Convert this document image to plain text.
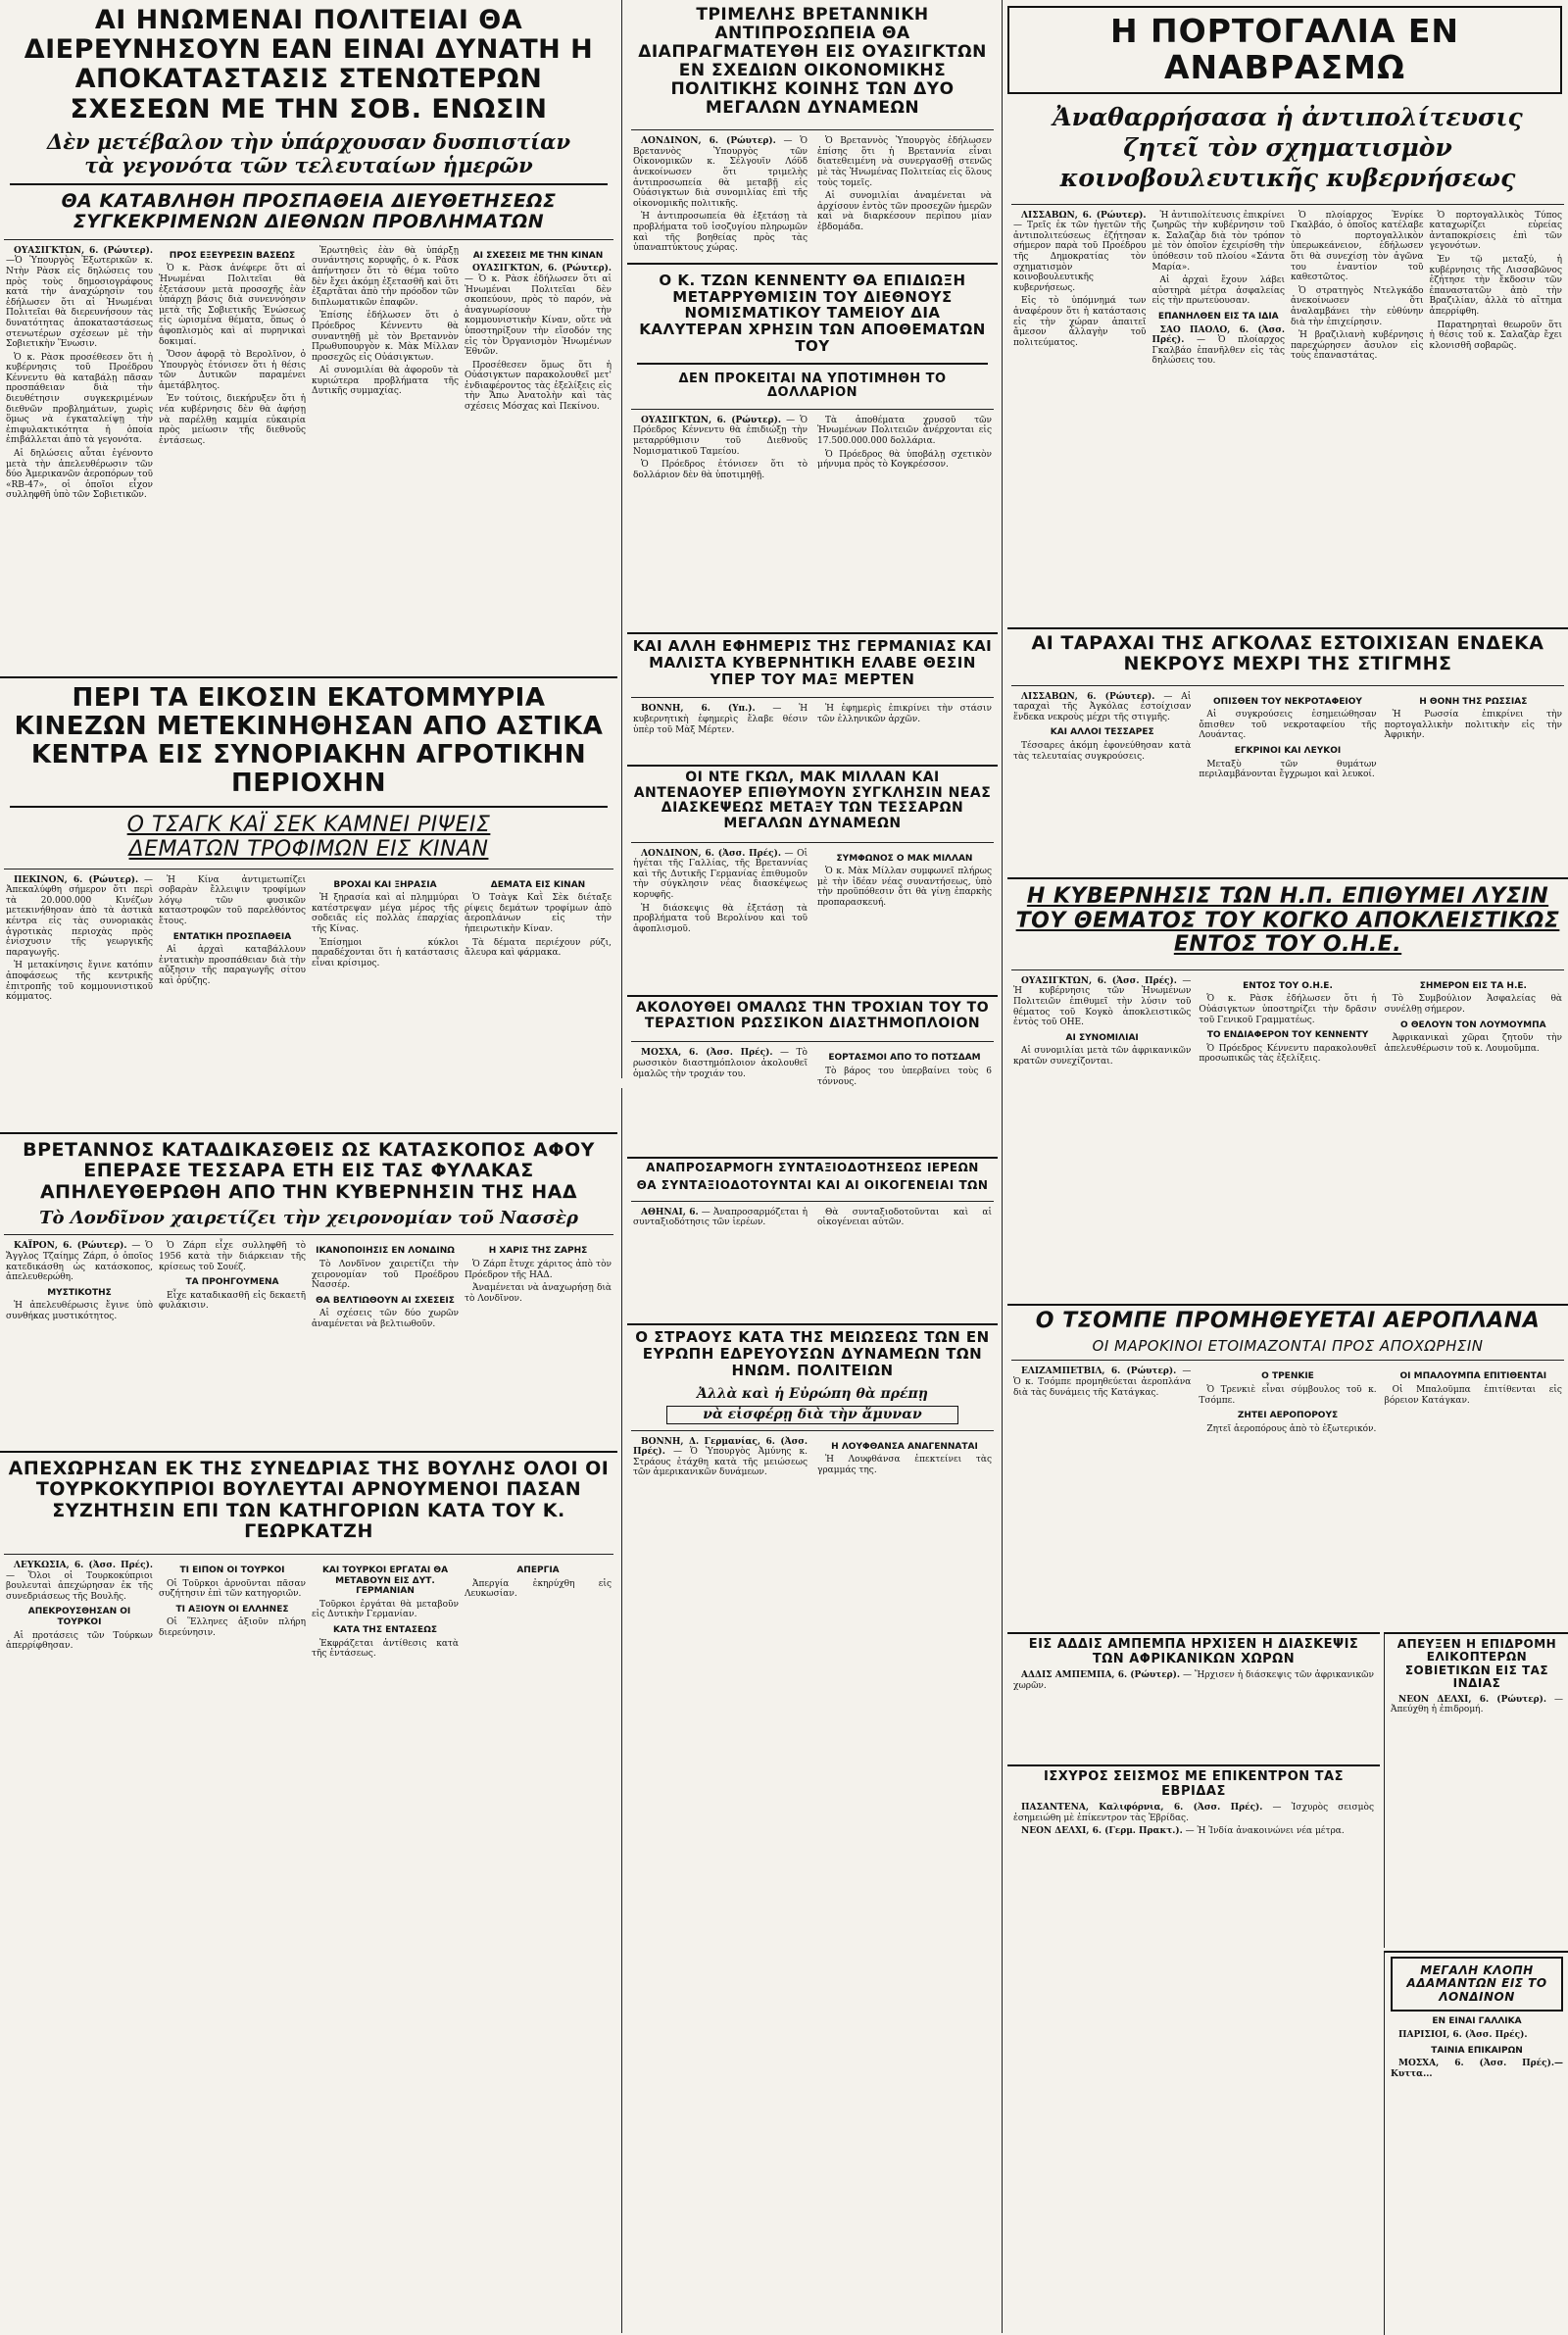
ΑΙ ΗΝΩΜΕΝΑΙ ΠΟΛΙΤΕΙΑΙ ΘΑ ΔΙΕΡΕΥΝΗΣΟΥΝ ΕΑΝ ΕΙΝΑΙ ΔΥΝΑΤΗ Η ΑΠΟΚΑΤΑΣΤΑΣΙΣ ΣΤΕΝΩΤΕΡΩΝ ΣΧΕΣΕΩΝ ΜΕ ΤΗΝ ΣΟΒ. ΕΝΩΣΙΝ
Δὲν μετέβαλον τὴν ὑπάρχουσαν δυσπιστίαν τὰ γεγονότα τῶν τελευταίων ἡμερῶν
ΘΑ ΚΑΤΑΒΛΗΘΗ ΠΡΟΣΠΑΘΕΙΑ ΔΙΕΥΘΕΤΗΣΕΩΣ ΣΥΓΚΕΚΡΙΜΕΝΩΝ ΔΙΕΘΝΩΝ ΠΡΟΒΛΗΜΑΤΩΝ

ΟΥΑΣΙΓΚΤΩΝ, 6. (Ρώυτερ). —Ὁ Ὑπουργὸς Ἐξωτερικῶν κ. Ντὴν Ρὰσκ εἰς δηλώσεις του πρὸς τοὺς δημοσιογράφους κατὰ τὴν ἀναχώρησίν του ἐδήλωσεν ὅτι αἱ Ἡνωμέναι Πολιτεῖαι θὰ διερευνήσουν τὰς δυνατότητας ἀποκαταστάσεως στενωτέρων σχέσεων μὲ τὴν Σοβιετικὴν Ἕνωσιν.

Ὁ κ. Ρὰσκ προσέθεσεν ὅτι ἡ κυβέρνησις τοῦ Προέδρου Κέννεντυ θὰ καταβάλῃ πᾶσαν προσπάθειαν διὰ τὴν διευθέτησιν συγκεκριμένων διεθνῶν προβλημάτων, χωρὶς ὅμως νὰ ἐγκαταλείψῃ τὴν ἐπιφυλακτικότητα ἡ ὁποία ἐπιβάλλεται ἀπὸ τὰ γεγονότα.

Αἱ δηλώσεις αὗται ἐγένοντο μετὰ τὴν ἀπελευθέρωσιν τῶν δύο Ἀμερικανῶν ἀεροπόρων τοῦ «RB-47», οἱ ὁποῖοι εἶχον συλληφθῆ ὑπὸ τῶν Σοβιετικῶν.

ΠΡΟΣ ΕΞΕΥΡΕΣΙΝ ΒΑΣΕΩΣ

Ὁ κ. Ρὰσκ ἀνέφερε ὅτι αἱ Ἡνωμέναι Πολιτεῖαι θὰ ἐξετάσουν μετὰ προσοχῆς ἐὰν ὑπάρχῃ βάσις διὰ συνεννόησιν μετὰ τῆς Σοβιετικῆς Ἑνώσεως εἰς ὡρισμένα θέματα, ὅπως ὁ ἀφοπλισμὸς καὶ αἱ πυρηνικαὶ δοκιμαί.

Ὅσον ἀφορᾷ τὸ Βερολῖνον, ὁ Ὑπουργὸς ἐτόνισεν ὅτι ἡ θέσις τῶν Δυτικῶν παραμένει ἀμετάβλητος.

Ἐν τούτοις, διεκήρυξεν ὅτι ἡ νέα κυβέρνησις δὲν θὰ ἀφήσῃ νὰ παρέλθῃ καμμία εὐκαιρία πρὸς μείωσιν τῆς διεθνοῦς ἐντάσεως.

Ἐρωτηθεὶς ἐὰν θὰ ὑπάρξῃ συνάντησις κορυφῆς, ὁ κ. Ρὰσκ ἀπήντησεν ὅτι τὸ θέμα τοῦτο δὲν ἔχει ἀκόμη ἐξετασθῆ καὶ ὅτι ἐξαρτᾶται ἀπὸ τὴν πρόοδον τῶν διπλωματικῶν ἐπαφῶν.

Ἐπίσης ἐδήλωσεν ὅτι ὁ Πρόεδρος Κέννεντυ θὰ συναντηθῇ μὲ τὸν Βρεταννὸν Πρωθυπουργὸν κ. Μὰκ Μίλλαν προσεχῶς εἰς Οὐάσιγκτων.

Αἱ συνομιλίαι θὰ ἀφοροῦν τὰ κυριώτερα προβλήματα τῆς Δυτικῆς συμμαχίας.

ΑΙ ΣΧΕΣΕΙΣ ΜΕ ΤΗΝ ΚΙΝΑΝ

ΟΥΑΣΙΓΚΤΩΝ, 6. (Ρώυτερ). — Ὁ κ. Ρὰσκ ἐδήλωσεν ὅτι αἱ Ἡνωμέναι Πολιτεῖαι δὲν σκοπεύουν, πρὸς τὸ παρόν, νὰ ἀναγνωρίσουν τὴν κομμουνιστικὴν Κίναν, οὔτε νὰ ὑποστηρίξουν τὴν εἴσοδόν της εἰς τὸν Ὀργανισμὸν Ἡνωμένων Ἐθνῶν.

Προσέθεσεν ὅμως ὅτι ἡ Οὐάσιγκτων παρακολουθεῖ μετ' ἐνδιαφέροντος τὰς ἐξελίξεις εἰς τὴν Ἄπω Ἀνατολὴν καὶ τὰς σχέσεις Μόσχας καὶ Πεκίνου.

ΤΡΙΜΕΛΗΣ ΒΡΕΤΑΝΝΙΚΗ ΑΝΤΙΠΡΟΣΩΠΕΙΑ ΘΑ ΔΙΑΠΡΑΓΜΑΤΕΥΘΗ ΕΙΣ ΟΥΑΣΙΓΚΤΩΝ ΕΝ ΣΧΕΔΙΩΝ ΟΙΚΟΝΟΜΙΚΗΣ ΠΟΛΙΤΙΚΗΣ ΚΟΙΝΗΣ ΤΩΝ ΔΥΟ ΜΕΓΑΛΩΝ ΔΥΝΑΜΕΩΝ

ΛΟΝΔΙΝΟΝ, 6. (Ρώυτερ). — Ὁ Βρεταννὸς Ὑπουργὸς τῶν Οἰκονομικῶν κ. Σέλγουϊν Λόϋδ ἀνεκοίνωσεν ὅτι τριμελὴς ἀντιπροσωπεία θὰ μεταβῇ εἰς Οὐάσιγκτων διὰ συνομιλίας ἐπὶ τῆς οἰκονομικῆς πολιτικῆς.

Ἡ ἀντιπροσωπεία θὰ ἐξετάσῃ τὰ προβλήματα τοῦ ἰσοζυγίου πληρωμῶν καὶ τῆς βοηθείας πρὸς τὰς ὑπαναπτύκτους χώρας.

Ὁ Βρεταννὸς Ὑπουργὸς ἐδήλωσεν ἐπίσης ὅτι ἡ Βρεταννία εἶναι διατεθειμένη νὰ συνεργασθῇ στενῶς μὲ τὰς Ἡνωμένας Πολιτείας εἰς ὅλους τοὺς τομεῖς.

Αἱ συνομιλίαι ἀναμένεται νὰ ἀρχίσουν ἐντὸς τῶν προσεχῶν ἡμερῶν καὶ νὰ διαρκέσουν περίπου μίαν ἑβδομάδα.

Ο Κ. ΤΖΩΝ ΚΕΝΝΕΝΤΥ ΘΑ ΕΠΙΔΙΩΞΗ ΜΕΤΑΡΡΥΘΜΙΣΙΝ ΤΟΥ ΔΙΕΘΝΟΥΣ ΝΟΜΙΣΜΑΤΙΚΟΥ ΤΑΜΕΙΟΥ ΔΙΑ ΚΑΛΥΤΕΡΑΝ ΧΡΗΣΙΝ ΤΩΝ ΑΠΟΘΕΜΑΤΩΝ ΤΟΥ
ΔΕΝ ΠΡΟΚΕΙΤΑΙ ΝΑ ΥΠΟΤΙΜΗΘΗ ΤΟ ΔΟΛΛΑΡΙΟΝ

ΟΥΑΣΙΓΚΤΩΝ, 6. (Ρώυτερ). — Ὁ Πρόεδρος Κέννεντυ θὰ ἐπιδιώξῃ τὴν μεταρρύθμισιν τοῦ Διεθνοῦς Νομισματικοῦ Ταμείου.

Ὁ Πρόεδρος ἐτόνισεν ὅτι τὸ δολλάριον δὲν θὰ ὑποτιμηθῇ.

Τὰ ἀποθέματα χρυσοῦ τῶν Ἡνωμένων Πολιτειῶν ἀνέρχονται εἰς 17.500.000.000 δολλάρια.

Ὁ Πρόεδρος θὰ ὑποβάλῃ σχετικὸν μήνυμα πρὸς τὸ Κογκρέσσον.

Η ΠΟΡΤΟΓΑΛΙΑ ΕΝ ΑΝΑΒΡΑΣΜΩ
Ἀναθαρρήσασα ἡ ἀντιπολίτευσις ζητεῖ τὸν σχηματισμὸν κοινοβουλευτικῆς κυβερνήσεως

ΛΙΣΣΑΒΩΝ, 6. (Ρώυτερ). — Τρεῖς ἐκ τῶν ἡγετῶν τῆς ἀντιπολιτεύσεως ἐζήτησαν σήμερον παρὰ τοῦ Προέδρου τῆς Δημοκρατίας τὸν σχηματισμὸν κοινοβουλευτικῆς κυβερνήσεως.

Εἰς τὸ ὑπόμνημά των ἀναφέρουν ὅτι ἡ κατάστασις εἰς τὴν χώραν ἀπαιτεῖ ἄμεσον ἀλλαγὴν τοῦ πολιτεύματος.

Ἡ ἀντιπολίτευσις ἐπικρίνει ζωηρῶς τὴν κυβέρνησιν τοῦ κ. Σαλαζὰρ διὰ τὸν τρόπον μὲ τὸν ὁποῖον ἐχειρίσθη τὴν ὑπόθεσιν τοῦ πλοίου «Σάντα Μαρία».

Αἱ ἀρχαὶ ἔχουν λάβει αὐστηρὰ μέτρα ἀσφαλείας εἰς τὴν πρωτεύουσαν.

ΕΠΑΝΗΛΘΕΝ ΕΙΣ ΤΑ ΙΔΙΑ

ΣΑΟ ΠΑΟΛΟ, 6. (Ἀσσ. Πρές). — Ὁ πλοίαρχος Γκαλβάο ἐπανῆλθεν εἰς τὰς δηλώσεις του.

Ὁ πλοίαρχος Ἐνρίκε Γκαλβάο, ὁ ὁποῖος κατέλαβε τὸ πορτογαλλικὸν ὑπερωκεάνειον, ἐδήλωσεν ὅτι θὰ συνεχίσῃ τὸν ἀγῶνα του ἐναντίον τοῦ καθεστῶτος.

Ὁ στρατηγὸς Ντελγκάδο ἀνεκοίνωσεν ὅτι ἀναλαμβάνει τὴν εὐθύνην διὰ τὴν ἐπιχείρησιν.

Ἡ βραζιλιανὴ κυβέρνησις παρεχώρησεν ἄσυλον εἰς τοὺς ἐπαναστάτας.

Ὁ πορτογαλλικὸς Τύπος καταχωρίζει εὐρείας ἀνταποκρίσεις ἐπὶ τῶν γεγονότων.

Ἐν τῷ μεταξύ, ἡ κυβέρνησις τῆς Λισσαβῶνος ἐζήτησε τὴν ἔκδοσιν τῶν ἐπαναστατῶν ἀπὸ τὴν Βραζιλίαν, ἀλλὰ τὸ αἴτημα ἀπερρίφθη.

Παρατηρηταὶ θεωροῦν ὅτι ἡ θέσις τοῦ κ. Σαλαζὰρ ἔχει κλονισθῆ σοβαρῶς.

ΠΕΡΙ ΤΑ ΕΙΚΟΣΙΝ ΕΚΑΤΟΜΜΥΡΙΑ ΚΙΝΕΖΩΝ ΜΕΤΕΚΙΝΗΘΗΣΑΝ ΑΠΟ ΑΣΤΙΚΑ ΚΕΝΤΡΑ ΕΙΣ ΣΥΝΟΡΙΑΚΗΝ ΑΓΡΟΤΙΚΗΝ ΠΕΡΙΟΧΗΝ
Ο ΤΣΑΓΚ ΚΑΪ ΣΕΚ ΚΑΜΝΕΙ ΡΙΨΕΙΣ
ΔΕΜΑΤΩΝ ΤΡΟΦΙΜΩΝ ΕΙΣ ΚΙΝΑΝ

ΠΕΚΙΝΟΝ, 6. (Ρώυτερ). — Ἀπεκαλύφθη σήμερον ὅτι περὶ τὰ 20.000.000 Κινέζων μετεκινήθησαν ἀπὸ τὰ ἀστικὰ κέντρα εἰς τὰς συνοριακὰς ἀγροτικὰς περιοχὰς πρὸς ἐνίσχυσιν τῆς γεωργικῆς παραγωγῆς.

Ἡ μετακίνησις ἔγινε κατόπιν ἀποφάσεως τῆς κεντρικῆς ἐπιτροπῆς τοῦ κομμουνιστικοῦ κόμματος.

Ἡ Κίνα ἀντιμετωπίζει σοβαρὰν ἔλλειψιν τροφίμων λόγῳ τῶν φυσικῶν καταστροφῶν τοῦ παρελθόντος ἔτους.

ΕΝΤΑΤΙΚΗ ΠΡΟΣΠΑΘΕΙΑ

Αἱ ἀρχαὶ καταβάλλουν ἐντατικὴν προσπάθειαν διὰ τὴν αὔξησιν τῆς παραγωγῆς σίτου καὶ ὀρύζης.

ΒΡΟΧΑΙ ΚΑΙ ΞΗΡΑΣΙΑ

Ἡ ξηρασία καὶ αἱ πλημμύραι κατέστρεψαν μέγα μέρος τῆς σοδειᾶς εἰς πολλὰς ἐπαρχίας τῆς Κίνας.

Ἐπίσημοι κύκλοι παραδέχονται ὅτι ἡ κατάστασις εἶναι κρίσιμος.

ΔΕΜΑΤΑ ΕΙΣ ΚΙΝΑΝ

Ὁ Τσὰγκ Καῒ Σὲκ διέταξε ρίψεις δεμάτων τροφίμων ἀπὸ ἀεροπλάνων εἰς τὴν ἠπειρωτικὴν Κίναν.

Τὰ δέματα περιέχουν ρύζι, ἄλευρα καὶ φάρμακα.

ΚΑΙ ΑΛΛΗ ΕΦΗΜΕΡΙΣ ΤΗΣ ΓΕΡΜΑΝΙΑΣ ΚΑΙ ΜΑΛΙΣΤΑ ΚΥΒΕΡΝΗΤΙΚΗ ΕΛΑΒΕ ΘΕΣΙΝ ΥΠΕΡ ΤΟΥ ΜΑΞ ΜΕΡΤΕΝ

ΒΟΝΝΗ, 6. (Υπ.). — Ἡ κυβερνητικὴ ἐφημερὶς ἔλαβε θέσιν ὑπὲρ τοῦ Μὰξ Μέρτεν.

Ἡ ἐφημερὶς ἐπικρίνει τὴν στάσιν τῶν ἑλληνικῶν ἀρχῶν.

ΟΙ ΝΤΕ ΓΚΩΛ, ΜΑΚ ΜΙΛΛΑΝ ΚΑΙ ΑΝΤΕΝΑΟΥΕΡ ΕΠΙΘΥΜΟΥΝ ΣΥΓΚΛΗΣΙΝ ΝΕΑΣ ΔΙΑΣΚΕΨΕΩΣ ΜΕΤΑΞΥ ΤΩΝ ΤΕΣΣΑΡΩΝ ΜΕΓΑΛΩΝ ΔΥΝΑΜΕΩΝ

ΛΟΝΔΙΝΟΝ, 6. (Ἀσσ. Πρές). — Οἱ ἡγέται τῆς Γαλλίας, τῆς Βρεταννίας καὶ τῆς Δυτικῆς Γερμανίας ἐπιθυμοῦν τὴν σύγκλησιν νέας διασκέψεως κορυφῆς.

Ἡ διάσκεψις θὰ ἐξετάσῃ τὰ προβλήματα τοῦ Βερολίνου καὶ τοῦ ἀφοπλισμοῦ.

ΣΥΜΦΩΝΟΣ Ο ΜΑΚ ΜΙΛΛΑΝ

Ὁ κ. Μὰκ Μίλλαν συμφωνεῖ πλήρως μὲ τὴν ἰδέαν νέας συναντήσεως, ὑπὸ τὴν προϋπόθεσιν ὅτι θὰ γίνῃ ἐπαρκὴς προπαρασκευή.

ΑΙ ΤΑΡΑΧΑΙ ΤΗΣ ΑΓΚΟΛΑΣ ΕΣΤΟΙΧΙΣΑΝ ΕΝΔΕΚΑ ΝΕΚΡΟΥΣ ΜΕΧΡΙ ΤΗΣ ΣΤΙΓΜΗΣ

ΛΙΣΣΑΒΩΝ, 6. (Ρώυτερ). — Αἱ ταραχαὶ τῆς Ἀγκόλας ἐστοίχισαν ἕνδεκα νεκροὺς μέχρι τῆς στιγμῆς.

ΚΑΙ ΑΛΛΟΙ ΤΕΣΣΑΡΕΣ

Τέσσαρες ἀκόμη ἐφονεύθησαν κατὰ τὰς τελευταίας συγκρούσεις.

ΟΠΙΣΘΕΝ ΤΟΥ ΝΕΚΡΟΤΑΦΕΙΟΥ

Αἱ συγκρούσεις ἐσημειώθησαν ὄπισθεν τοῦ νεκροταφείου τῆς Λουάντας.

ΕΓΚΡΙΝΟΙ ΚΑΙ ΛΕΥΚΟΙ

Μεταξὺ τῶν θυμάτων περιλαμβάνονται ἔγχρωμοι καὶ λευκοί.

Η ΘΟΝΗ ΤΗΣ ΡΩΣΣΙΑΣ

Ἡ Ρωσσία ἐπικρίνει τὴν πορτογαλλικὴν πολιτικὴν εἰς τὴν Ἀφρικήν.

Η ΚΥΒΕΡΝΗΣΙΣ ΤΩΝ Η.Π. ΕΠΙΘΥΜΕΙ ΛΥΣΙΝ ΤΟΥ ΘΕΜΑΤΟΣ ΤΟΥ ΚΟΓΚΟ ΑΠΟΚΛΕΙΣΤΙΚΩΣ ΕΝΤΟΣ ΤΟΥ Ο.Η.Ε.

ΟΥΑΣΙΓΚΤΩΝ, 6. (Ἀσσ. Πρές). — Ἡ κυβέρνησις τῶν Ἡνωμένων Πολιτειῶν ἐπιθυμεῖ τὴν λύσιν τοῦ θέματος τοῦ Κογκὸ ἀποκλειστικῶς ἐντὸς τοῦ ΟΗΕ.

ΑΙ ΣΥΝΟΜΙΛΙΑΙ

Αἱ συνομιλίαι μετὰ τῶν ἀφρικανικῶν κρατῶν συνεχίζονται.

ΕΝΤΟΣ ΤΟΥ Ο.Η.Ε.

Ὁ κ. Ρὰσκ ἐδήλωσεν ὅτι ἡ Οὐάσιγκτων ὑποστηρίζει τὴν δρᾶσιν τοῦ Γενικοῦ Γραμματέως.

ΤΟ ΕΝΔΙΑΦΕΡΟΝ ΤΟΥ ΚΕΝΝΕΝΤΥ

Ὁ Πρόεδρος Κέννεντυ παρακολουθεῖ προσωπικῶς τὰς ἐξελίξεις.

ΣΗΜΕΡΟΝ ΕΙΣ ΤΑ Η.Ε.

Τὸ Συμβούλιον Ἀσφαλείας θὰ συνέλθῃ σήμερον.

Ο ΘΕΛΟΥΝ ΤΟΝ ΛΟΥΜΟΥΜΠΑ

Ἀφρικανικαὶ χῶραι ζητοῦν τὴν ἀπελευθέρωσιν τοῦ κ. Λουμοῦμπα.

ΒΡΕΤΑΝΝΟΣ ΚΑΤΑΔΙΚΑΣΘΕΙΣ ΩΣ ΚΑΤΑΣΚΟΠΟΣ ΑΦΟΥ ΕΠΕΡΑΣΕ ΤΕΣΣΑΡΑ ΕΤΗ ΕΙΣ ΤΑΣ ΦΥΛΑΚΑΣ ΑΠΗΛΕΥΘΕΡΩΘΗ ΑΠΟ ΤΗΝ ΚΥΒΕΡΝΗΣΙΝ ΤΗΣ ΗΑΔ
Τὸ Λονδῖνον χαιρετίζει τὴν χειρονομίαν τοῦ Νασσὲρ

ΚΑΪΡΟΝ, 6. (Ρώυτερ). — Ὁ Ἄγγλος Τζαίημς Ζάρπ, ὁ ὁποῖος κατεδικάσθη ὡς κατάσκοπος, ἀπελευθερώθη.

ΜΥΣΤΙΚΟΤΗΣ

Ἡ ἀπελευθέρωσις ἔγινε ὑπὸ συνθήκας μυστικότητος.

Ὁ Ζάρπ εἶχε συλληφθῆ τὸ 1956 κατὰ τὴν διάρκειαν τῆς κρίσεως τοῦ Σουέζ.

ΤΑ ΠΡΟΗΓΟΥΜΕΝΑ

Εἶχε καταδικασθῆ εἰς δεκαετῆ φυλάκισιν.

ΙΚΑΝΟΠΟΙΗΣΙΣ ΕΝ ΛΟΝΔΙΝΩ

Τὸ Λονδῖνον χαιρετίζει τὴν χειρονομίαν τοῦ Προέδρου Νασσέρ.

ΘΑ ΒΕΛΤΙΩΘΟΥΝ ΑΙ ΣΧΕΣΕΙΣ

Αἱ σχέσεις τῶν δύο χωρῶν ἀναμένεται νὰ βελτιωθοῦν.

Η ΧΑΡΙΣ ΤΗΣ ΖΑΡΗΣ

Ὁ Ζάρπ ἔτυχε χάριτος ἀπὸ τὸν Πρόεδρον τῆς ΗΑΔ.

Ἀναμένεται νὰ ἀναχωρήσῃ διὰ τὸ Λονδῖνον.

ΑΚΟΛΟΥΘΕΙ ΟΜΑΛΩΣ ΤΗΝ ΤΡΟΧΙΑΝ ΤΟΥ ΤΟ ΤΕΡΑΣΤΙΟΝ ΡΩΣΣΙΚΟΝ ΔΙΑΣΤΗΜΟΠΛΟΙΟΝ

ΜΟΣΧΑ, 6. (Ἀσσ. Πρές). — Τὸ ρωσσικὸν διαστημόπλοιον ἀκολουθεῖ ὁμαλῶς τὴν τροχιάν του.

ΕΟΡΤΑΣΜΟΙ ΑΠΟ ΤΟ ΠΟΤΣΔΑΜ

Τὸ βάρος του ὑπερβαίνει τοὺς 6 τόννους.

ΑΝΑΠΡΟΣΑΡΜΟΓΗ ΣΥΝΤΑΞΙΟΔΟΤΗΣΕΩΣ ΙΕΡΕΩΝ
ΘΑ ΣΥΝΤΑΞΙΟΔΟΤΟΥΝΤΑΙ ΚΑΙ ΑΙ ΟΙΚΟΓΕΝΕΙΑΙ ΤΩΝ

ΑΘΗΝΑΙ, 6. — Ἀναπροσαρμόζεται ἡ συνταξιοδότησις τῶν ἱερέων.

Θὰ συνταξιοδοτοῦνται καὶ αἱ οἰκογένειαι αὐτῶν.

Ο ΤΣΟΜΠΕ ΠΡΟΜΗΘΕΥΕΤΑΙ ΑΕΡΟΠΛΑΝΑ
ΟΙ ΜΑΡΟΚΙΝΟΙ ΕΤΟΙΜΑΖΟΝΤΑΙ ΠΡΟΣ ΑΠΟΧΩΡΗΣΙΝ

ΕΛΙΖΑΜΠΕΤΒΙΛ, 6. (Ρώυτερ). — Ὁ κ. Τσόμπε προμηθεύεται ἀεροπλάνα διὰ τὰς δυνάμεις τῆς Κατάγκας.

Ο ΤΡΕΝΚΙΕ

Ὁ Τρενκιὲ εἶναι σύμβουλος τοῦ κ. Τσόμπε.

ΖΗΤΕΙ ΑΕΡΟΠΟΡΟΥΣ

Ζητεῖ ἀεροπόρους ἀπὸ τὸ ἐξωτερικόν.

ΟΙ ΜΠΑΛΟΥΜΠΑ ΕΠΙΤΙΘΕΝΤΑΙ

Οἱ Μπαλοῦμπα ἐπιτίθενται εἰς βόρειον Κατάγκαν.

ΑΠΕΧΩΡΗΣΑΝ ΕΚ ΤΗΣ ΣΥΝΕΔΡΙΑΣ ΤΗΣ ΒΟΥΛΗΣ ΟΛΟΙ ΟΙ ΤΟΥΡΚΟΚΥΠΡΙΟΙ ΒΟΥΛΕΥΤΑΙ ΑΡΝΟΥΜΕΝΟΙ ΠΑΣΑΝ ΣΥΖΗΤΗΣΙΝ ΕΠΙ ΤΩΝ ΚΑΤΗΓΟΡΙΩΝ ΚΑΤΑ ΤΟΥ Κ. ΓΕΩΡΚΑΤΖΗ

ΛΕΥΚΩΣΙΑ, 6. (Ἀσσ. Πρές). — Ὅλοι οἱ Τουρκοκύπριοι βουλευταὶ ἀπεχώρησαν ἐκ τῆς συνεδριάσεως τῆς Βουλῆς.

ΑΠΕΚΡΟΥΣΘΗΣΑΝ ΟΙ ΤΟΥΡΚΟΙ

Αἱ προτάσεις τῶν Τούρκων ἀπερρίφθησαν.

ΤΙ ΕΙΠΟΝ ΟΙ ΤΟΥΡΚΟΙ

Οἱ Τοῦρκοι ἀρνοῦνται πᾶσαν συζήτησιν ἐπὶ τῶν κατηγοριῶν.

ΤΙ ΑΞΙΟΥΝ ΟΙ ΕΛΛΗΝΕΣ

Οἱ Ἕλληνες ἀξιοῦν πλήρη διερεύνησιν.

ΚΑΙ ΤΟΥΡΚΟΙ ΕΡΓΑΤΑΙ ΘΑ ΜΕΤΑΒΟΥΝ ΕΙΣ ΔΥΤ. ΓΕΡΜΑΝΙΑΝ

Τοῦρκοι ἐργάται θὰ μεταβοῦν εἰς Δυτικὴν Γερμανίαν.

ΚΑΤΑ ΤΗΣ ΕΝΤΑΣΕΩΣ

Ἐκφράζεται ἀντίθεσις κατὰ τῆς ἐντάσεως.

ΑΠΕΡΓΙΑ

Ἀπεργία ἐκηρύχθη εἰς Λευκωσίαν.

Ο ΣΤΡΑΟΥΣ ΚΑΤΑ ΤΗΣ ΜΕΙΩΣΕΩΣ ΤΩΝ ΕΝ ΕΥΡΩΠΗ ΕΔΡΕΥΟΥΣΩΝ ΔΥΝΑΜΕΩΝ ΤΩΝ ΗΝΩΜ. ΠΟΛΙΤΕΙΩΝ
Ἀλλὰ καὶ ἡ Εὐρώπη θὰ πρέπῃ
νὰ εἰσφέρῃ διὰ τὴν ἄμυναν

ΒΟΝΝΗ, Δ. Γερμανίας, 6. (Ἀσσ. Πρές). — Ὁ Ὑπουργὸς Ἀμύνης κ. Στράους ἐτάχθη κατὰ τῆς μειώσεως τῶν ἀμερικανικῶν δυνάμεων.

Η ΛΟΥΦΘΑΝΣΑ ΑΝΑΓΕΝΝΑΤΑΙ

Ἡ Λουφθάνσα ἐπεκτείνει τὰς γραμμάς της.

ΕΙΣ ΑΔΔΙΣ ΑΜΠΕΜΠΑ ΗΡΧΙΣΕΝ Η ΔΙΑΣΚΕΨΙΣ ΤΩΝ ΑΦΡΙΚΑΝΙΚΩΝ ΧΩΡΩΝ

ΑΔΔΙΣ ΑΜΠΕΜΠΑ, 6. (Ρώυτερ). — Ἤρχισεν ἡ διάσκεψις τῶν ἀφρικανικῶν χωρῶν.

ΙΣΧΥΡΟΣ ΣΕΙΣΜΟΣ ΜΕ ΕΠΙΚΕΝΤΡΟΝ ΤΑΣ ΕΒΡΙΔΑΣ

ΠΑΣΑΝΤΕΝΑ, Καλιφόρνια, 6. (Ἀσσ. Πρές). — Ἰσχυρὸς σεισμὸς ἐσημειώθη μὲ ἐπίκεντρον τὰς Ἑβρίδας.

ΝΕΟΝ ΔΕΛΧΙ, 6. (Γερμ. Πρακτ.). — Ἡ Ἰνδία ἀνακοινώνει νέα μέτρα.

ΑΠΕΥΞΕΝ Η ΕΠΙΔΡΟΜΗ ΕΛΙΚΟΠΤΕΡΩΝ ΣΟΒΙΕΤΙΚΩΝ ΕΙΣ ΤΑΣ ΙΝΔΙΑΣ

ΝΕΟΝ ΔΕΛΧΙ, 6. (Ρώυτερ). — Ἀπεύχθη ἡ ἐπιδρομή.

ΜΕΓΑΛΗ ΚΛΟΠΗ ΑΔΑΜΑΝΤΩΝ ΕΙΣ ΤΟ ΛΟΝΔΙΝΟΝ
ΕΝ ΕΙΝΑΙ ΓΑΛΛΙΚΑ

ΠΑΡΙΣΙΟΙ, 6. (Ἀσσ. Πρές).

ΤΑΙΝΙΑ ΕΠΙΚΑΙΡΩΝ

ΜΟΣΧΑ, 6. (Ἀσσ. Πρές).— Κυττα...
